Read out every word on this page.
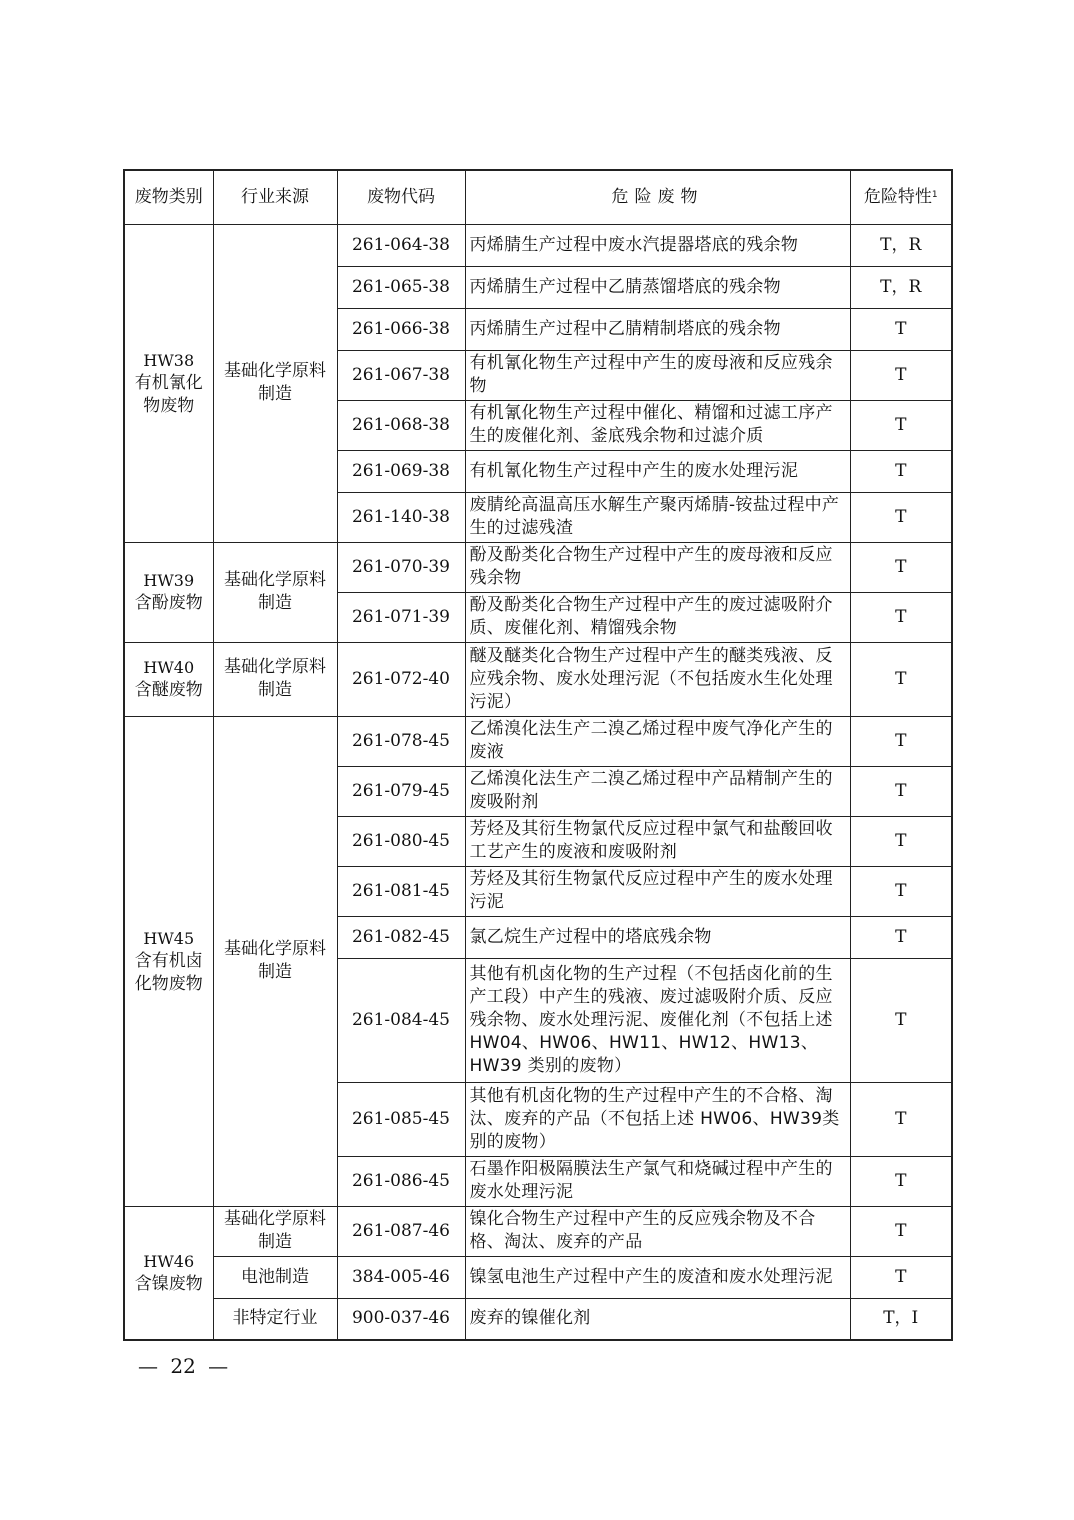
废物类别	行业来源	废物代码	危险废物	危险特性$^1$

HW38
有机氰化物废物	基础化学原料制造	261-064-38	丙烯腈生产过程中废水汽提器塔底的残余物	T，R
		261-065-38	丙烯腈生产过程中乙腈蒸馏塔底的残余物	T，R
		261-066-38	丙烯腈生产过程中乙腈精制塔底的残余物	T
		261-067-38	有机氰化物生产过程中产生的废母液和反应残余物	T
		261-068-38	有机氰化物生产过程中催化、精馏和过滤工序产生的废催化剂、釜底残余物和过滤介质	T
		261-069-38	有机氰化物生产过程中产生的废水处理污泥	T
		261-140-38	废腈纶高温高压水解生产聚丙烯腈-铵盐过程中产生的过滤残渣	T

HW39
含酚废物	基础化学原料制造	261-070-39	酚及酚类化合物生产过程中产生的废母液和反应残余物	T
		261-071-39	酚及酚类化合物生产过程中产生的废过滤吸附介质、废催化剂、精馏残余物	T

HW40
含醚废物	基础化学原料制造	261-072-40	醚及醚类化合物生产过程中产生的醚类残液、反应残余物、废水处理污泥（不包括废水生化处理污泥）	T

HW45
含有机卤化物废物	基础化学原料制造	261-078-45	乙烯溴化法生产二溴乙烯过程中废气净化产生的废液	T
		261-079-45	乙烯溴化法生产二溴乙烯过程中产品精制产生的废吸附剂	T
		261-080-45	芳烃及其衍生物氯代反应过程中氯气和盐酸回收工艺产生的废液和废吸附剂	T
		261-081-45	芳烃及其衍生物氯代反应过程中产生的废水处理污泥	T
		261-082-45	氯乙烷生产过程中的塔底残余物	T
		261-084-45	其他有机卤化物的生产过程（不包括卤化前的生产工段）中产生的残液、废过滤吸附介质、反应残余物、废水处理污泥、废催化剂（不包括上述HW04、HW06、HW11、HW12、HW13、HW39 类别的废物）	T
		261-085-45	其他有机卤化物的生产过程中产生的不合格、淘汰、废弃的产品（不包括上述 HW06、HW39类别的废物）	T
		261-086-45	石墨作阳极隔膜法生产氯气和烧碱过程中产生的废水处理污泥	T

HW46
含镍废物	基础化学原料制造	261-087-46	镍化合物生产过程中产生的反应残余物及不合格、淘汰、废弃的产品	T
	电池制造	384-005-46	镍氢电池生产过程中产生的废渣和废水处理污泥	T
	非特定行业	900-037-46	废弃的镍催化剂	T，I
— 22 —
